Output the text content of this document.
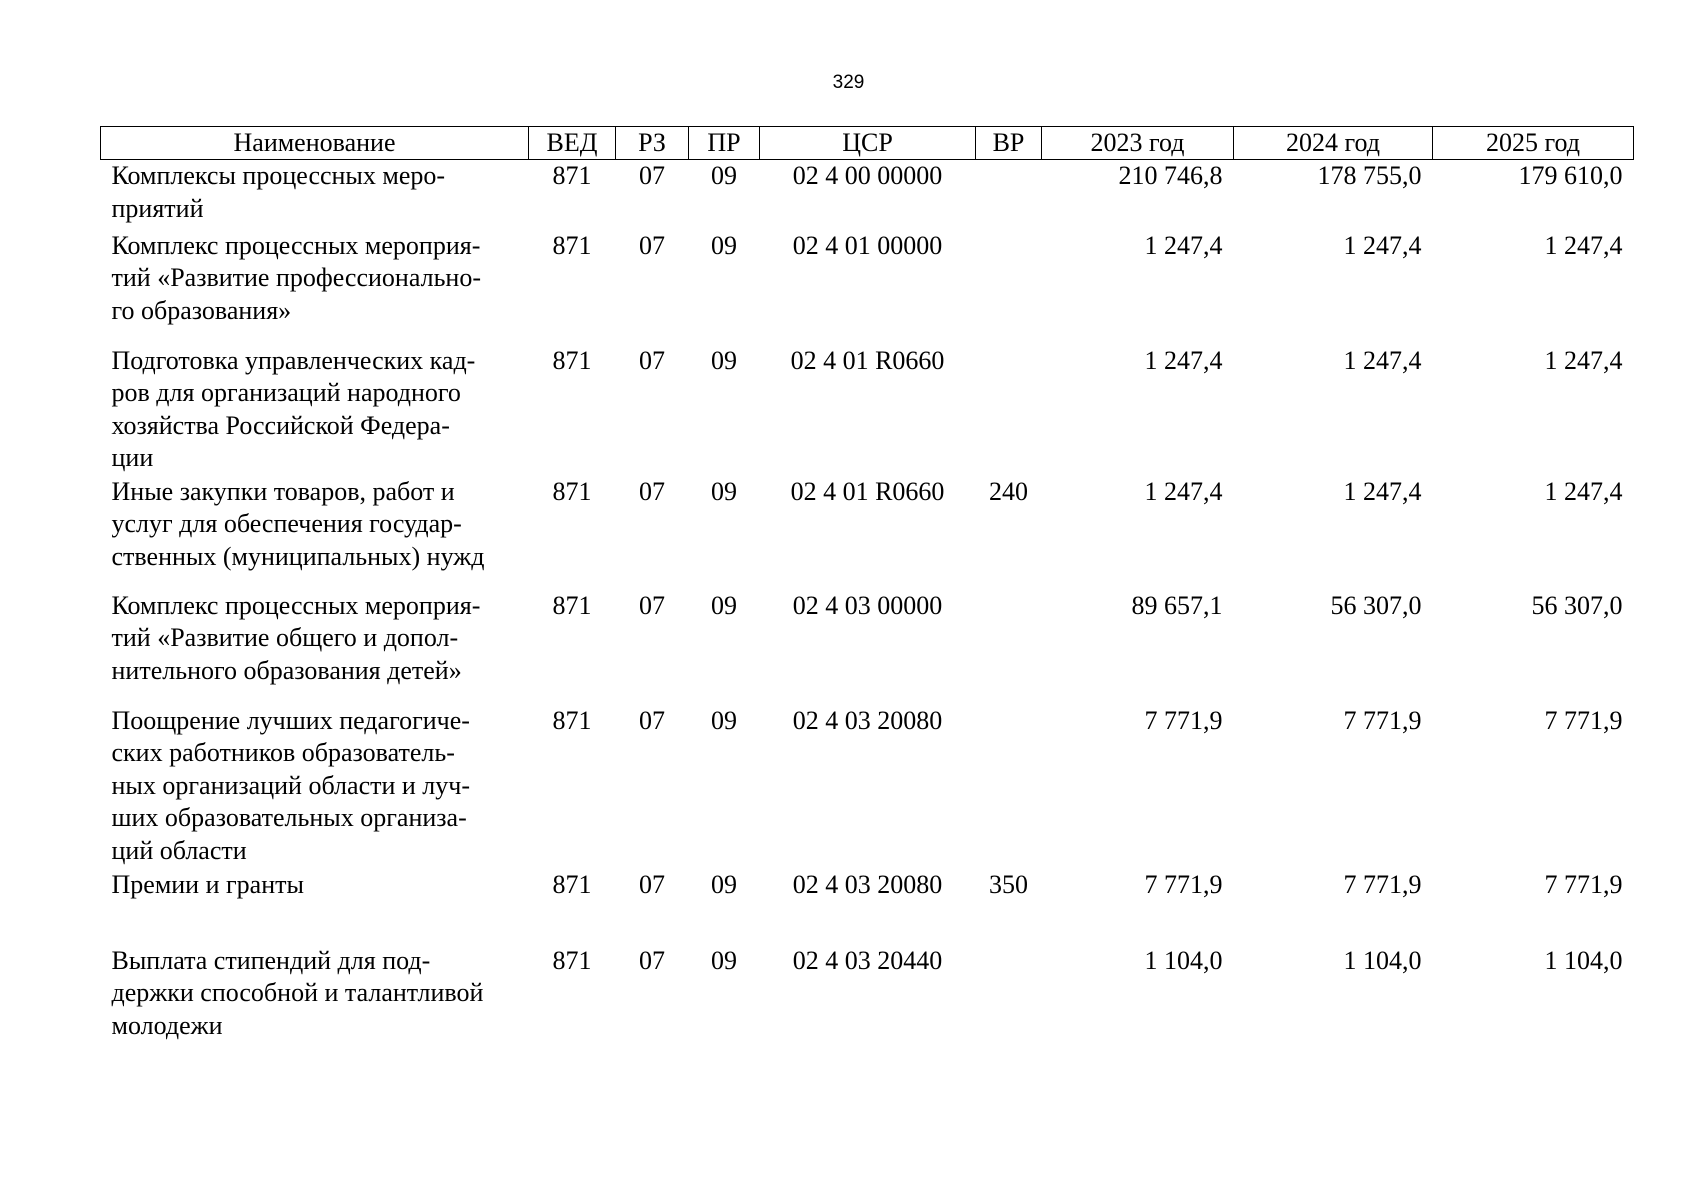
329
Наименование	ВЕД	РЗ	ПР	ЦСР	ВР	2023 год	2024 год	2025 год
Комплексы процессных меро-
приятий	871	07	09	02 4 00 00000		210 746,8	178 755,0	179 610,0
Комплекс процессных мероприя-
тий «Развитие профессионально-
го образования»	871	07	09	02 4 01 00000		1 247,4	1 247,4	1 247,4
Подготовка управленческих кад-
ров для организаций народного
хозяйства Российской Федера-
ции	871	07	09	02 4 01 R0660		1 247,4	1 247,4	1 247,4
Иные закупки товаров, работ и
услуг для обеспечения государ-
ственных (муниципальных) нужд	871	07	09	02 4 01 R0660	240	1 247,4	1 247,4	1 247,4
Комплекс процессных мероприя-
тий «Развитие общего и допол-
нительного образования детей»	871	07	09	02 4 03 00000		89 657,1	56 307,0	56 307,0
Поощрение лучших педагогиче-
ских работников образователь-
ных организаций области и луч-
ших образовательных организа-
ций области	871	07	09	02 4 03 20080		7 771,9	7 771,9	7 771,9
Премии и гранты	871	07	09	02 4 03 20080	350	7 771,9	7 771,9	7 771,9
Выплата стипендий для под-
держки способной и талантливой
молодежи	871	07	09	02 4 03 20440		1 104,0	1 104,0	1 104,0
